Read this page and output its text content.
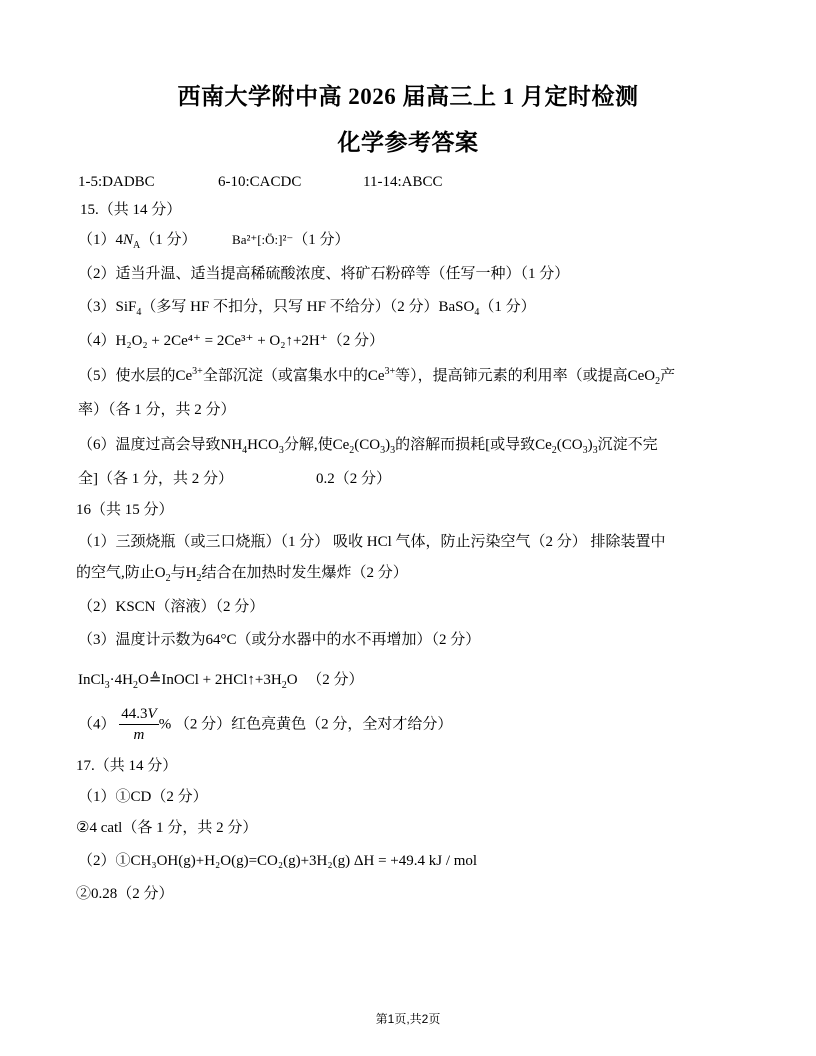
西南大学附中高 2026 届高三上 1 月定时检测
化学参考答案
1-5:DADBC	6-10:CACDC	11-14:ABCC
15.（共 14 分）
$(1)4N_A(1$ 分）	Ba²⁺[:Ö:]²⁻（1 分）
（2）适当升温、适当提高稀硫酸浓度、将矿石粉碎等（任写一种）（1 分）
（3）SiF$_4$（多写 HF 不扣分，只写 HF 不给分）（2 分）BaSO$_4$（1 分）
（4）H₂O₂ + 2Ce⁴⁺ = 2Ce³⁺ + O₂↑+2H⁺（2 分）
（5）使水层的$Ce^{3+}$全部沉淀（或富集水中的$Ce^{3+}$等），提高铈元素的利用率（或提高CeO$_2$产
率）（各 1 分，共 2 分）
（6）温度过高会导致$NH_4HCO_3$分解,使$Ce_2(CO_3)_3$的溶解而损耗[或导致$Ce_2(CO_3)_3$沉淀不完
全]（各 1 分，共 2 分）	0.2（2 分）
16（共 15 分）
（1）三颈烧瓶（或三口烧瓶）（1 分） 吸收 HCl 气体，防止污染空气（2 分） 排除装置中
的空气,防止$O_2$与$H_2$结合在加热时发生爆炸（2 分）
（2）KSCN（溶液）（2 分）
（3）温度计示数为64°C（或分水器中的水不再增加）（2 分）
$InCl_3\cdot 4H_2O≜InOCl$ + $2HCl↑+3H_2O$ （2 分）
$(4) \frac{44.3V}{m}$ % （2 分）红色亮黄色（2 分，全对才给分）
17.（共 14 分）
（1）①CD（2 分）
②4 catl（各 1 分，共 2 分）
（2）①CH₃OH(g)+H₂O(g)=CO₂(g)+3H₂(g) ΔH = +49.4 kJ / mol
②0.28（2 分）
第1页,共2页
